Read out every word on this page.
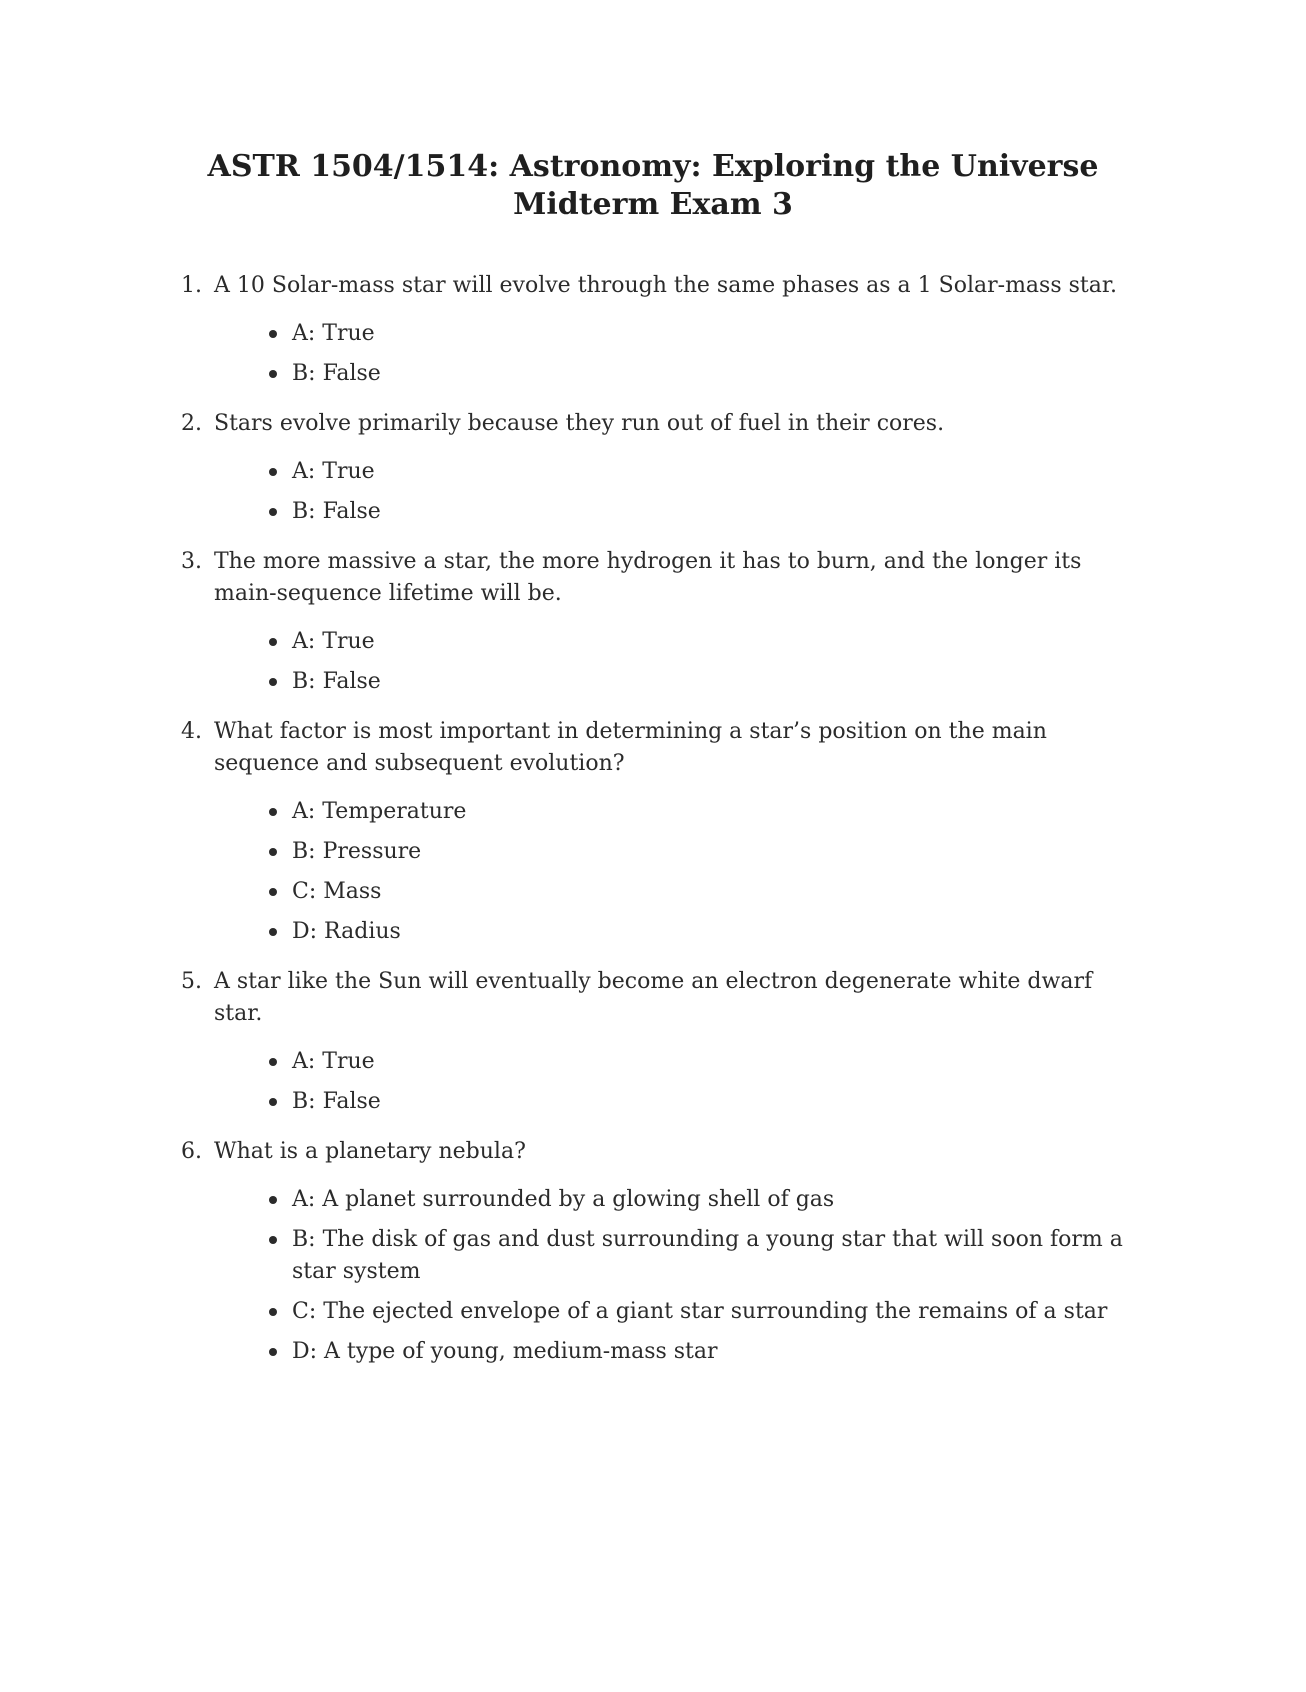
ASTR 1504/1514: Astronomy: Exploring the Universe
Midterm Exam 3
1. A 10 Solar-mass star will evolve through the same phases as a 1 Solar-mass star.
A: True
B: False
2. Stars evolve primarily because they run out of fuel in their cores.
A: True
B: False
3. The more massive a star, the more hydrogen it has to burn, and the longer its main-sequence lifetime will be.
A: True
B: False
4. What factor is most important in determining a star’s position on the main sequence and subsequent evolution?
A: Temperature
B: Pressure
C: Mass
D: Radius
5. A star like the Sun will eventually become an electron degenerate white dwarf star.
A: True
B: False
6. What is a planetary nebula?
A: A planet surrounded by a glowing shell of gas
B: The disk of gas and dust surrounding a young star that will soon form a star system
C: The ejected envelope of a giant star surrounding the remains of a star
D: A type of young, medium-mass star
